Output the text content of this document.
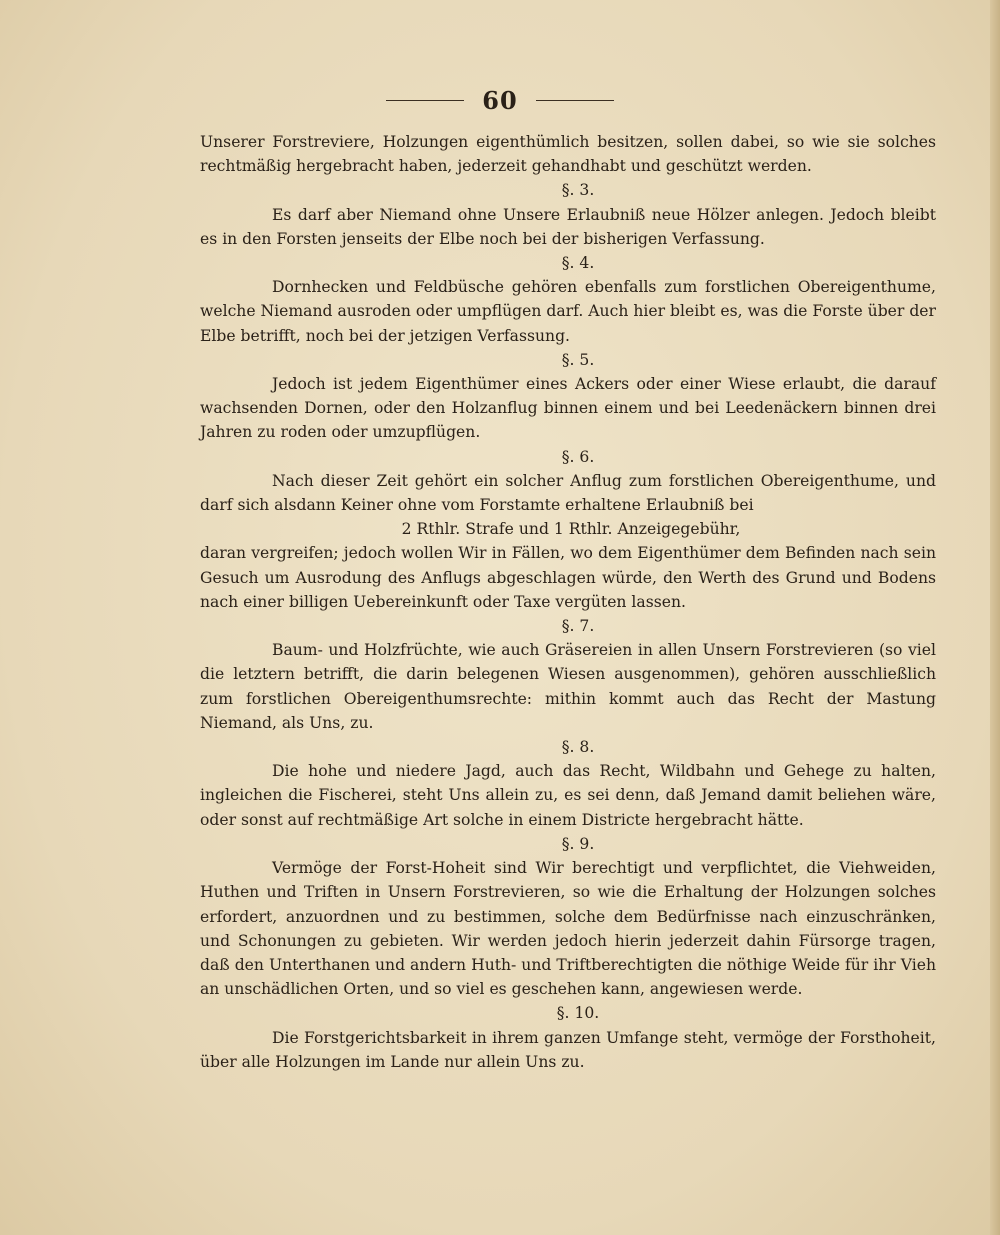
60

Unserer Forstreviere, Holzungen eigenthümlich besitzen, sollen dabei, so wie sie solches rechtmäßig hergebracht haben, jederzeit gehandhabt und geschützt werden.

§. 3.

Es darf aber Niemand ohne Unsere Erlaubniß neue Hölzer anlegen. Jedoch bleibt es in den Forsten jenseits der Elbe noch bei der bisherigen Verfassung.

§. 4.

Dornhecken und Feldbüsche gehören ebenfalls zum forstlichen Obereigenthume, welche Niemand ausroden oder umpflügen darf. Auch hier bleibt es, was die Forste über der Elbe betrifft, noch bei der jetzigen Verfassung.

§. 5.

Jedoch ist jedem Eigenthümer eines Ackers oder einer Wiese erlaubt, die darauf wachsenden Dornen, oder den Holzanflug binnen einem und bei Leedenäckern binnen drei Jahren zu roden oder umzupflügen.

§. 6.

Nach dieser Zeit gehört ein solcher Anflug zum forstlichen Obereigenthume, und darf sich alsdann Keiner ohne vom Forstamte erhaltene Erlaubniß bei

2 Rthlr. Strafe und 1 Rthlr. Anzeigegebühr,

daran vergreifen; jedoch wollen Wir in Fällen, wo dem Eigenthümer dem Befinden nach sein Gesuch um Ausrodung des Anflugs abgeschlagen würde, den Werth des Grund und Bodens nach einer billigen Uebereinkunft oder Taxe vergüten lassen.

§. 7.

Baum- und Holzfrüchte, wie auch Gräsereien in allen Unsern Forstrevieren (so viel die letztern betrifft, die darin belegenen Wiesen ausgenommen), gehören ausschließlich zum forstlichen Obereigenthumsrechte: mithin kommt auch das Recht der Mastung Niemand, als Uns, zu.

§. 8.

Die hohe und niedere Jagd, auch das Recht, Wildbahn und Gehege zu halten, ingleichen die Fischerei, steht Uns allein zu, es sei denn, daß Jemand damit beliehen wäre, oder sonst auf rechtmäßige Art solche in einem Districte hergebracht hätte.

§. 9.

Vermöge der Forst-Hoheit sind Wir berechtigt und verpflichtet, die Viehweiden, Huthen und Triften in Unsern Forstrevieren, so wie die Erhaltung der Holzungen solches erfordert, anzuordnen und zu bestimmen, solche dem Bedürfnisse nach einzuschränken, und Schonungen zu gebieten. Wir werden jedoch hierin jederzeit dahin Fürsorge tragen, daß den Unterthanen und andern Huth- und Triftberechtigten die nöthige Weide für ihr Vieh an unschädlichen Orten, und so viel es geschehen kann, angewiesen werde.

§. 10.

Die Forstgerichtsbarkeit in ihrem ganzen Umfange steht, vermöge der Forsthoheit, über alle Holzungen im Lande nur allein Uns zu.
